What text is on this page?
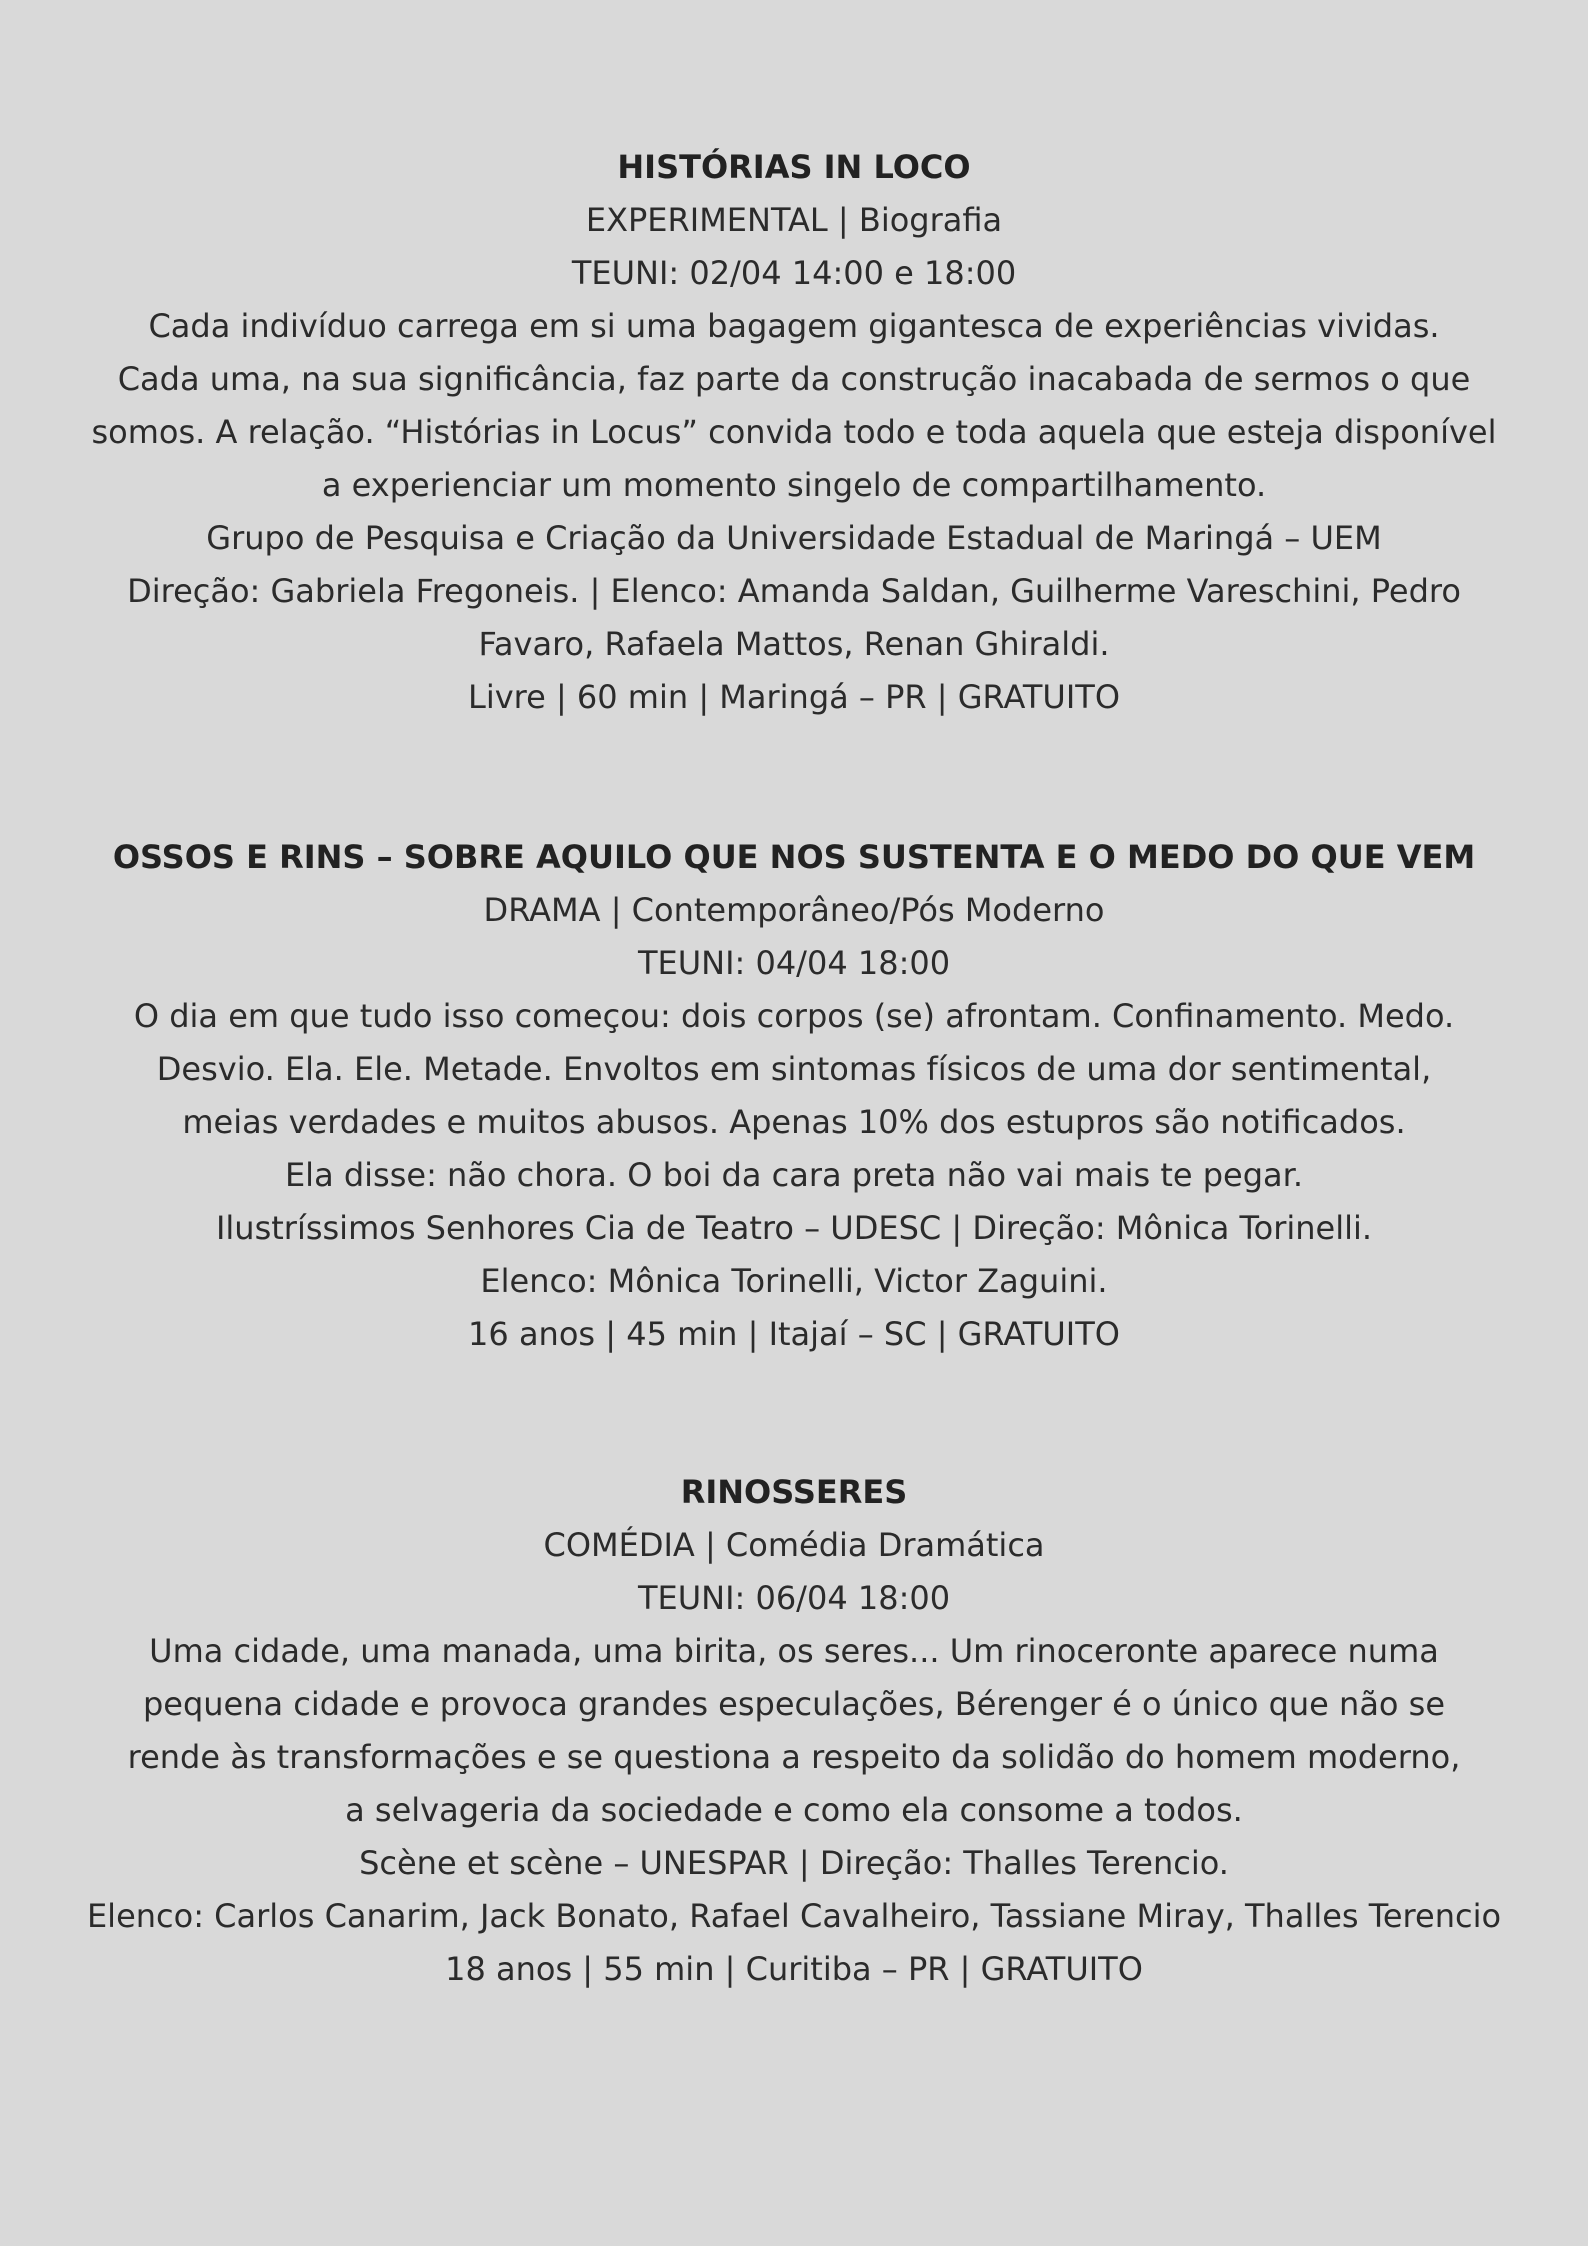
HISTÓRIAS IN LOCO

EXPERIMENTAL | Biografia

TEUNI: 02/04 14:00 e 18:00

Cada indivíduo carrega em si uma bagagem gigantesca de experiências vividas.

Cada uma, na sua significância, faz parte da construção inacabada de sermos o que

somos. A relação. “Histórias in Locus” convida todo e toda aquela que esteja disponível

a experienciar um momento singelo de compartilhamento.

Grupo de Pesquisa e Criação da Universidade Estadual de Maringá – UEM

Direção: Gabriela Fregoneis. | Elenco: Amanda Saldan, Guilherme Vareschini, Pedro

Favaro, Rafaela Mattos, Renan Ghiraldi.

Livre | 60 min | Maringá – PR | GRATUITO

OSSOS E RINS – SOBRE AQUILO QUE NOS SUSTENTA E O MEDO DO QUE VEM

DRAMA | Contemporâneo/Pós Moderno

TEUNI: 04/04 18:00

O dia em que tudo isso começou: dois corpos (se) afrontam. Confinamento. Medo.

Desvio. Ela. Ele. Metade. Envoltos em sintomas físicos de uma dor sentimental,

meias verdades e muitos abusos. Apenas 10% dos estupros são notificados.

Ela disse: não chora. O boi da cara preta não vai mais te pegar.

Ilustríssimos Senhores Cia de Teatro – UDESC | Direção: Mônica Torinelli.

Elenco: Mônica Torinelli, Victor Zaguini.

16 anos | 45 min | Itajaí – SC | GRATUITO

RINOSSERES

COMÉDIA | Comédia Dramática

TEUNI: 06/04 18:00

Uma cidade, uma manada, uma birita, os seres... Um rinoceronte aparece numa

pequena cidade e provoca grandes especulações, Bérenger é o único que não se

rende às transformações e se questiona a respeito da solidão do homem moderno,

a selvageria da sociedade e como ela consome a todos.

Scène et scène – UNESPAR | Direção: Thalles Terencio.

Elenco: Carlos Canarim, Jack Bonato, Rafael Cavalheiro, Tassiane Miray, Thalles Terencio

18 anos | 55 min | Curitiba – PR | GRATUITO
